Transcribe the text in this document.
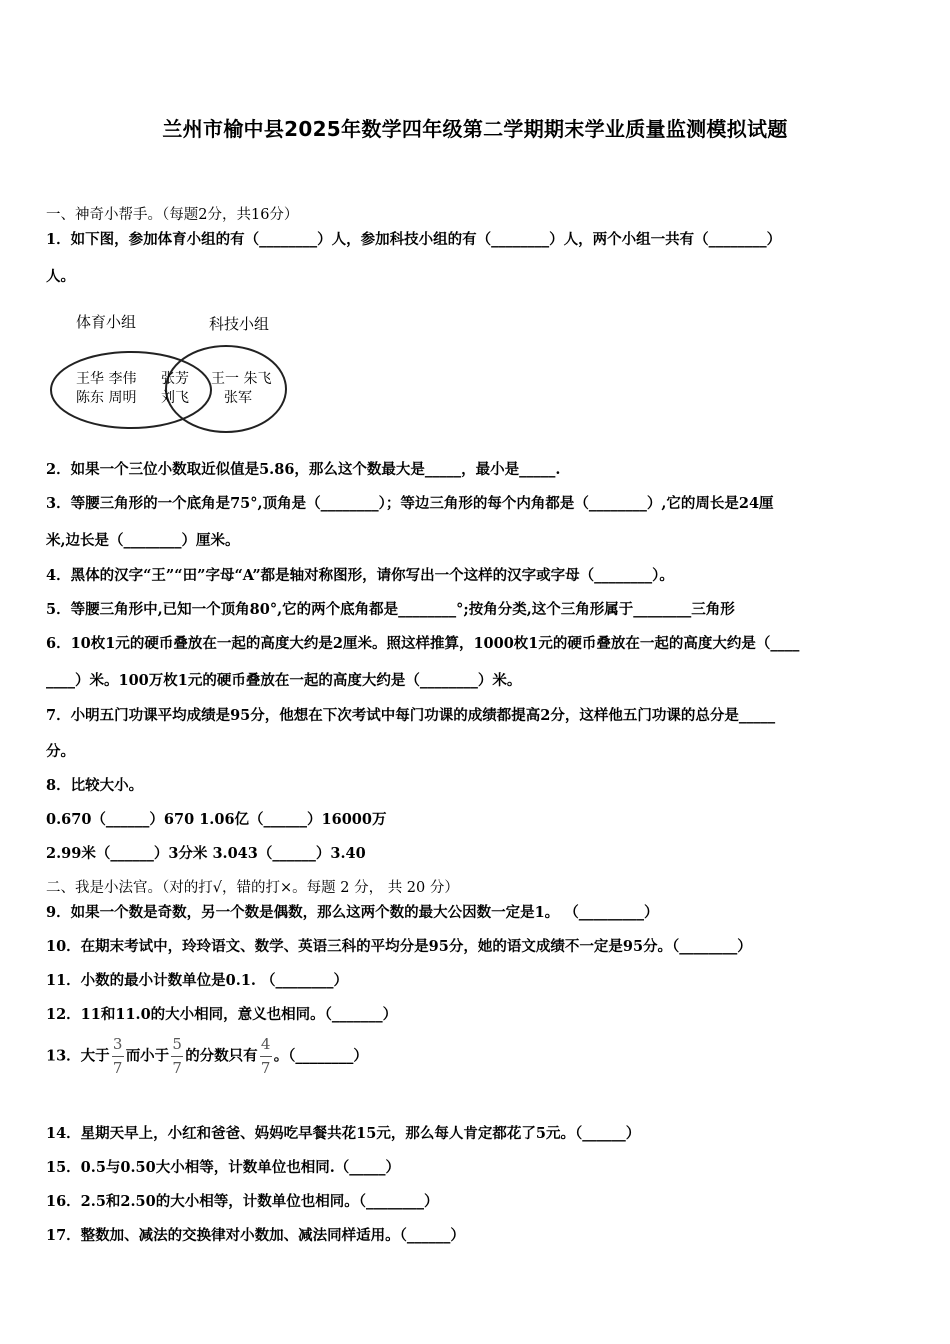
兰州市榆中县2025年数学四年级第二学期期末学业质量监测模拟试题
一、神奇小帮手。（每题2分，共16分）
1．如下图，参加体育小组的有（________）人，参加科技小组的有（________）人，两个小组一共有（________）
人。
体育小组	科技小组
王华 李伟
陈东 周明
张芳
刘飞
王一 朱飞
张军
2．如果一个三位小数取近似值是5.86，那么这个数最大是_____，最小是_____.
3．等腰三角形的一个底角是75°,顶角是（________）；等边三角形的每个内角都是（________）,它的周长是24厘
米,边长是（________）厘米。
4．黑体的汉字“王”“田”字母“A”都是轴对称图形，请你写出一个这样的汉字或字母（________）。
5．等腰三角形中,已知一个顶角80°,它的两个底角都是________°;按角分类,这个三角形属于________三角形
6．10枚1元的硬币叠放在一起的高度大约是2厘米。照这样推算，1000枚1元的硬币叠放在一起的高度大约是（____
____）米。100万枚1元的硬币叠放在一起的高度大约是（________）米。
7．小明五门功课平均成绩是95分，他想在下次考试中每门功课的成绩都提高2分，这样他五门功课的总分是_____
分。
8．比较大小。
0.670（______）670 1.06亿（______）16000万
2.99米（______）3分米 3.043（______）3.40
二、我是小法官。（对的打√，错的打×。每题 2 分， 共 20 分）
9．如果一个数是奇数，另一个数是偶数，那么这两个数的最大公因数一定是1。 （_________）
10．在期末考试中，玲玲语文、数学、英语三科的平均分是95分，她的语文成绩不一定是95分。（________）
11．小数的最小计数单位是0.1. （________）
12．11和11.0的大小相同，意义也相同。（_______）
13．大于 $\frac{3}{7}$ 而小于 $\frac{5}{7}$ 的分数只有 $\frac{4}{7}$ 。（________）
14．星期天早上，小红和爸爸、妈妈吃早餐共花15元，那么每人肯定都花了5元。（______）
15．0.5与0.50大小相等，计数单位也相同.（_____）
16．2.5和2.50的大小相等，计数单位也相同。（________）
17．整数加、减法的交换律对小数加、减法同样适用。（______）
